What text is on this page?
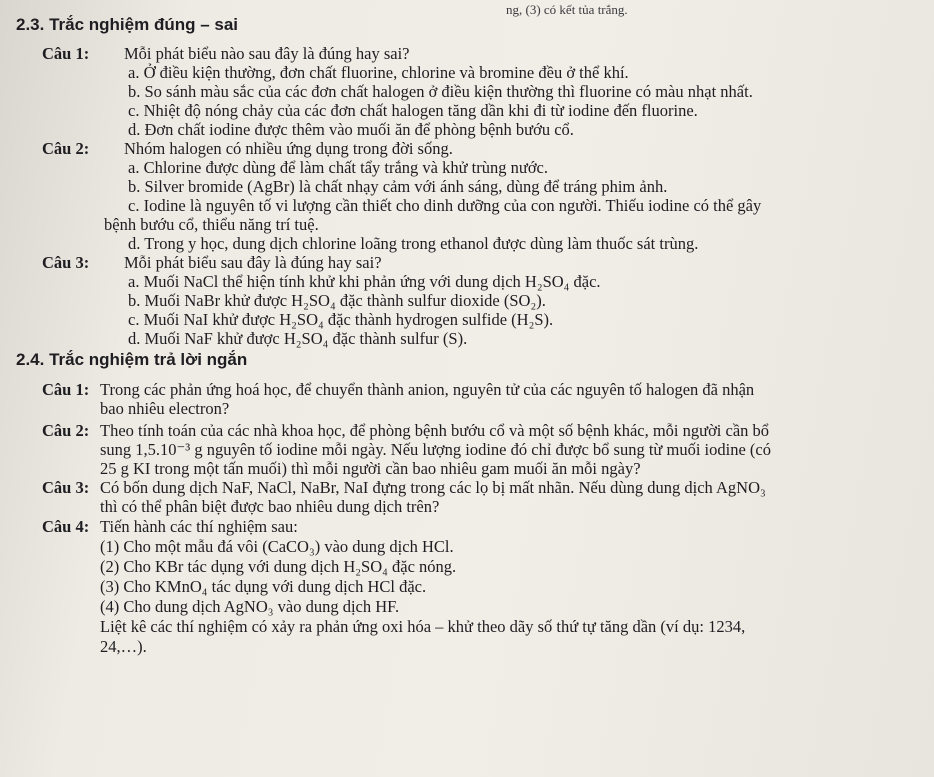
ng, (3) có kết tủa trắng.
2.3. Trắc nghiệm đúng – sai
Câu 1: Mỗi phát biểu nào sau đây là đúng hay sai?
a. Ở điều kiện thường, đơn chất fluorine, chlorine và bromine đều ở thể khí.
b. So sánh màu sắc của các đơn chất halogen ở điều kiện thường thì fluorine có màu nhạt nhất.
c. Nhiệt độ nóng chảy của các đơn chất halogen tăng dần khi đi từ iodine đến fluorine.
d. Đơn chất iodine được thêm vào muối ăn để phòng bệnh bướu cổ.
Câu 2: Nhóm halogen có nhiều ứng dụng trong đời sống.
a. Chlorine được dùng để làm chất tẩy trắng và khử trùng nước.
b. Silver bromide (AgBr) là chất nhạy cảm với ánh sáng, dùng để tráng phim ảnh.
c. Iodine là nguyên tố vi lượng cần thiết cho dinh dưỡng của con người. Thiếu iodine có thể gây
bệnh bướu cổ, thiểu năng trí tuệ.
d. Trong y học, dung dịch chlorine loãng trong ethanol được dùng làm thuốc sát trùng.
Câu 3: Mỗi phát biểu sau đây là đúng hay sai?
a. Muối NaCl thể hiện tính khử khi phản ứng với dung dịch H₂SO₄ đặc.
b. Muối NaBr khử được H₂SO₄ đặc thành sulfur dioxide (SO₂).
c. Muối NaI khử được H₂SO₄ đặc thành hydrogen sulfide (H₂S).
d. Muối NaF khử được H₂SO₄ đặc thành sulfur (S).
2.4. Trắc nghiệm trả lời ngắn
Câu 1: Trong các phản ứng hoá học, để chuyển thành anion, nguyên tử của các nguyên tố halogen đã nhận
bao nhiêu electron?
Câu 2: Theo tính toán của các nhà khoa học, để phòng bệnh bướu cổ và một số bệnh khác, mỗi người cần bổ
sung 1,5.10⁻³ g nguyên tố iodine mỗi ngày. Nếu lượng iodine đó chỉ được bổ sung từ muối iodine (có
25 g KI trong một tấn muối) thì mỗi người cần bao nhiêu gam muối ăn mỗi ngày?
Câu 3: Có bốn dung dịch NaF, NaCl, NaBr, NaI đựng trong các lọ bị mất nhãn. Nếu dùng dung dịch AgNO₃
thì có thể phân biệt được bao nhiêu dung dịch trên?
Câu 4: Tiến hành các thí nghiệm sau:
(1) Cho một mẫu đá vôi (CaCO₃) vào dung dịch HCl.
(2) Cho KBr tác dụng với dung dịch H₂SO₄ đặc nóng.
(3) Cho KMnO₄ tác dụng với dung dịch HCl đặc.
(4) Cho dung dịch AgNO₃ vào dung dịch HF.
Liệt kê các thí nghiệm có xảy ra phản ứng oxi hóa – khử theo dãy số thứ tự tăng dần (ví dụ: 1234,
24,…).
